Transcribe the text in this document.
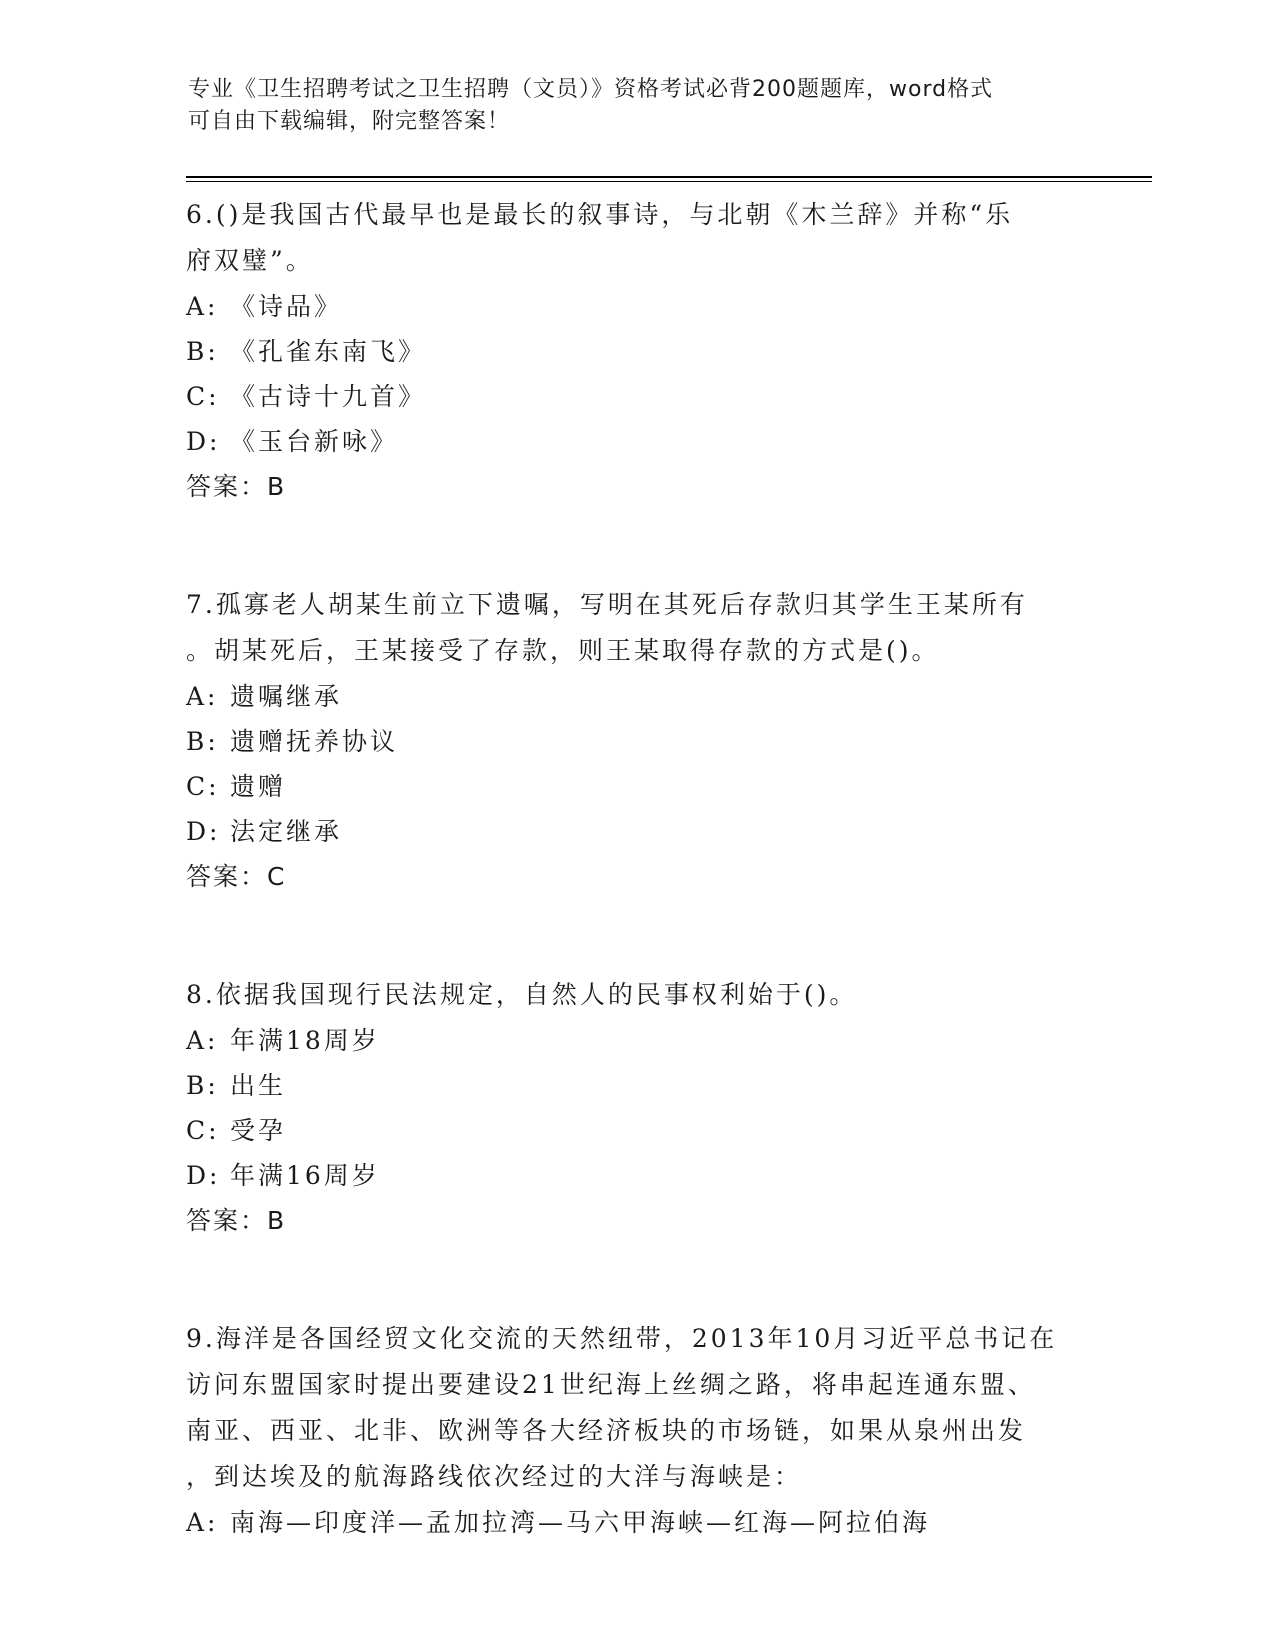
专业《卫生招聘考试之卫生招聘（文员）》资格考试必背200题题库，word格式
可自由下载编辑，附完整答案！
6.()是我国古代最早也是最长的叙事诗，与北朝《木兰辞》并称“乐
府双璧”。
A: 《诗品》
B: 《孔雀东南飞》
C: 《古诗十九首》
D: 《玉台新咏》
答案：B
7.孤寡老人胡某生前立下遗嘱，写明在其死后存款归其学生王某所有
。胡某死后，王某接受了存款，则王某取得存款的方式是()。
A: 遗嘱继承
B: 遗赠抚养协议
C: 遗赠
D: 法定继承
答案：C
8.依据我国现行民法规定，自然人的民事权利始于()。
A: 年满18周岁
B: 出生
C: 受孕
D: 年满16周岁
答案：B
9.海洋是各国经贸文化交流的天然纽带，2013年10月习近平总书记在
访问东盟国家时提出要建设21世纪海上丝绸之路，将串起连通东盟、
南亚、西亚、北非、欧洲等各大经济板块的市场链，如果从泉州出发
，到达埃及的航海路线依次经过的大洋与海峡是：
A: 南海—印度洋—孟加拉湾—马六甲海峡—红海—阿拉伯海
